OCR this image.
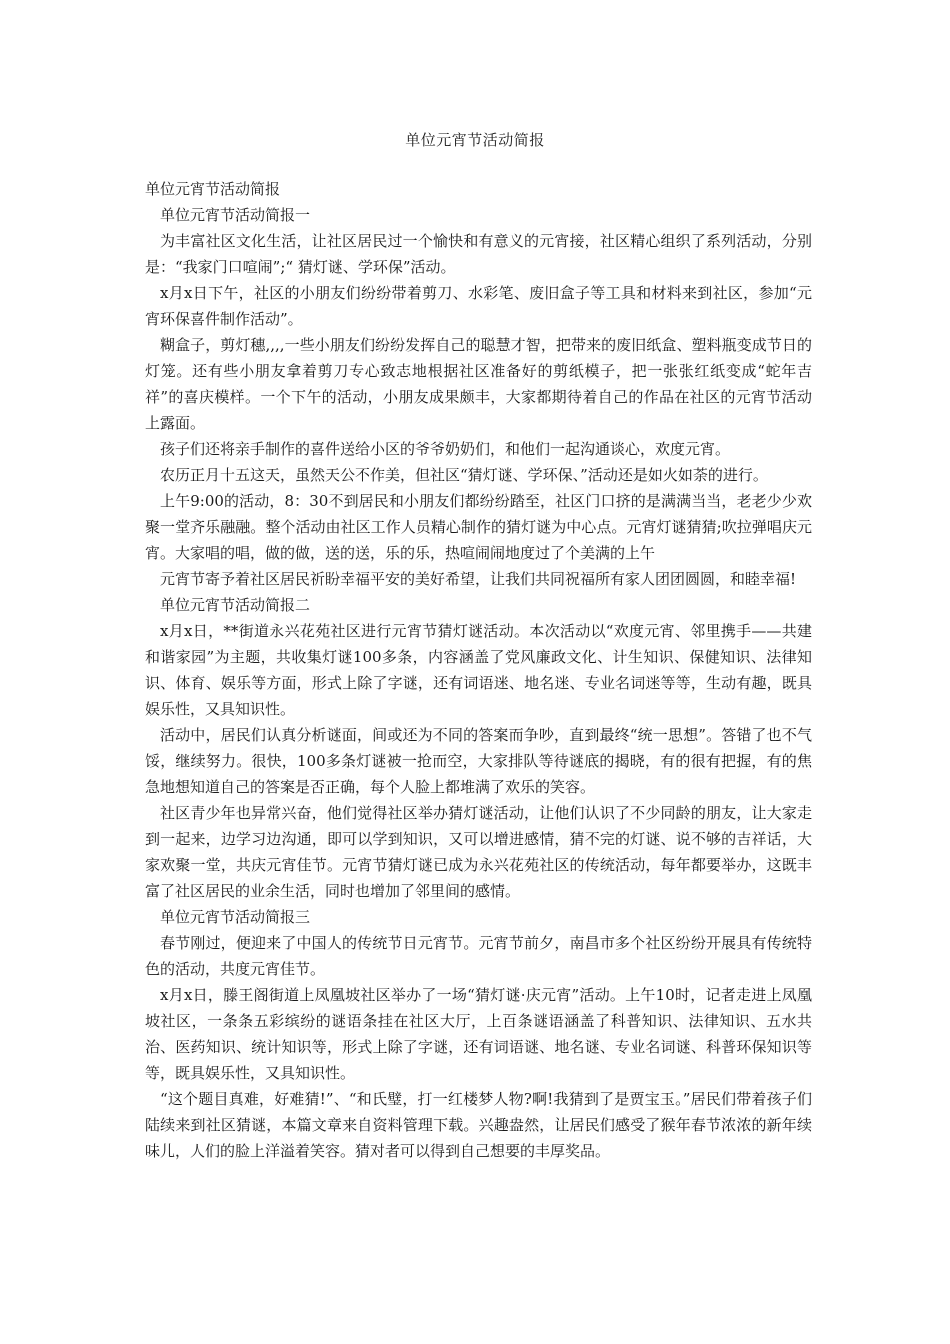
单位元宵节活动简报

单位元宵节活动简报

单位元宵节活动简报一

为丰富社区文化生活，让社区居民过一个愉快和有意义的元宵接，社区精心组织了系列活动，分别是：“我家门口喧闹”;“ 猜灯谜、学环保”活动。

x月x日下午，社区的小朋友们纷纷带着剪刀、水彩笔、废旧盒子等工具和材料来到社区，参加“元宵环保喜件制作活动”。

糊盒子，剪灯穗,,,,一些小朋友们纷纷发挥自己的聪慧才智，把带来的废旧纸盒、塑料瓶变成节日的灯笼。还有些小朋友拿着剪刀专心致志地根据社区准备好的剪纸模子，把一张张红纸变成“蛇年吉祥”的喜庆模样。一个下午的活动，小朋友成果颇丰，大家都期待着自己的作品在社区的元宵节活动上露面。

孩子们还将亲手制作的喜件送给小区的爷爷奶奶们，和他们一起沟通谈心，欢度元宵。

农历正月十五这天，虽然天公不作美，但社区“猜灯谜、学环保、”活动还是如火如荼的进行。

上午9:00的活动，8：30不到居民和小朋友们都纷纷踏至，社区门口挤的是满满当当，老老少少欢聚一堂齐乐融融。整个活动由社区工作人员精心制作的猜灯谜为中心点。元宵灯谜猜猜;吹拉弹唱庆元宵。大家唱的唱，做的做，送的送，乐的乐，热喧闹闹地度过了个美满的上午

元宵节寄予着社区居民祈盼幸福平安的美好希望，让我们共同祝福所有家人团团圆圆，和睦幸福!

单位元宵节活动简报二

x月x日，**街道永兴花苑社区进行元宵节猜灯谜活动。本次活动以“欢度元宵、邻里携手——共建和谐家园”为主题，共收集灯谜100多条，内容涵盖了党风廉政文化、计生知识、保健知识、法律知识、体育、娱乐等方面，形式上除了字谜，还有词语迷、地名迷、专业名词迷等等，生动有趣，既具娱乐性，又具知识性。

活动中，居民们认真分析谜面，间或还为不同的答案而争吵，直到最终“统一思想”。答错了也不气馁，继续努力。很快，100多条灯谜被一抢而空，大家排队等待谜底的揭晓，有的很有把握，有的焦急地想知道自己的答案是否正确，每个人脸上都堆满了欢乐的笑容。

社区青少年也异常兴奋，他们觉得社区举办猜灯谜活动，让他们认识了不少同龄的朋友，让大家走到一起来，边学习边沟通，即可以学到知识，又可以增进感情，猜不完的灯谜、说不够的吉祥话，大家欢聚一堂，共庆元宵佳节。元宵节猜灯谜已成为永兴花苑社区的传统活动，每年都要举办，这既丰富了社区居民的业余生活，同时也增加了邻里间的感情。

单位元宵节活动简报三

春节刚过，便迎来了中国人的传统节日元宵节。元宵节前夕，南昌市多个社区纷纷开展具有传统特色的活动，共度元宵佳节。

x月x日，滕王阁街道上凤凰坡社区举办了一场“猜灯谜·庆元宵”活动。上午10时，记者走进上凤凰坡社区，一条条五彩缤纷的谜语条挂在社区大厅，上百条谜语涵盖了科普知识、法律知识、五水共治、医药知识、统计知识等，形式上除了字谜，还有词语谜、地名谜、专业名词谜、科普环保知识等等，既具娱乐性，又具知识性。

“这个题目真难，好难猜!”、“和氏璧，打一红楼梦人物?啊!我猜到了是贾宝玉。”居民们带着孩子们陆续来到社区猜谜，本篇文章来自资料管理下载。兴趣盎然，让居民们感受了猴年春节浓浓的新年续味儿，人们的脸上洋溢着笑容。猜对者可以得到自己想要的丰厚奖品。
